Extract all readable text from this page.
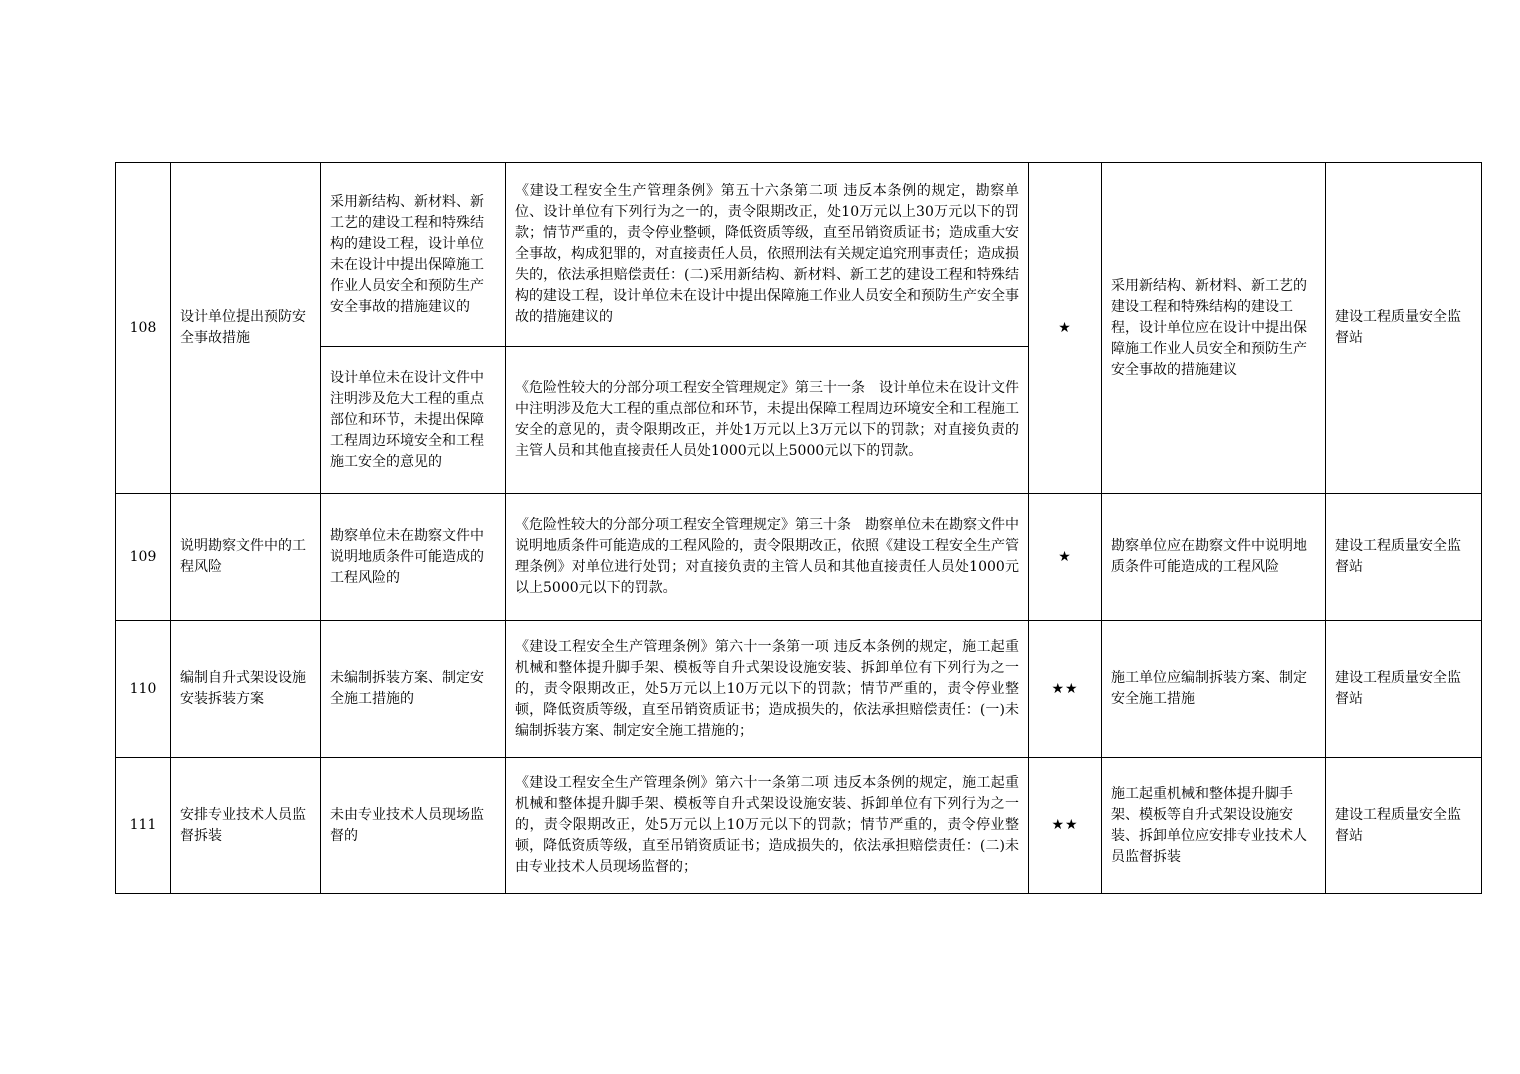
108	设计单位提出预防安全事故措施	采用新结构、新材料、新工艺的建设工程和特殊结构的建设工程，设计单位未在设计中提出保障施工作业人员安全和预防生产安全事故的措施建议的	《建设工程安全生产管理条例》第五十六条第二项 违反本条例的规定，勘察单位、设计单位有下列行为之一的，责令限期改正，处10万元以上30万元以下的罚款；情节严重的，责令停业整顿，降低资质等级，直至吊销资质证书；造成重大安全事故，构成犯罪的，对直接责任人员，依照刑法有关规定追究刑事责任；造成损失的，依法承担赔偿责任：(二)采用新结构、新材料、新工艺的建设工程和特殊结构的建设工程，设计单位未在设计中提出保障施工作业人员安全和预防生产安全事故的措施建议的	★	采用新结构、新材料、新工艺的建设工程和特殊结构的建设工程，设计单位应在设计中提出保障施工作业人员安全和预防生产安全事故的措施建议	建设工程质量安全监督站
		设计单位未在设计文件中注明涉及危大工程的重点部位和环节，未提出保障工程周边环境安全和工程施工安全的意见的	《危险性较大的分部分项工程安全管理规定》第三十一条　设计单位未在设计文件中注明涉及危大工程的重点部位和环节，未提出保障工程周边环境安全和工程施工安全的意见的，责令限期改正，并处1万元以上3万元以下的罚款；对直接负责的主管人员和其他直接责任人员处1000元以上5000元以下的罚款。			
109	说明勘察文件中的工程风险	勘察单位未在勘察文件中说明地质条件可能造成的工程风险的	《危险性较大的分部分项工程安全管理规定》第三十条　勘察单位未在勘察文件中说明地质条件可能造成的工程风险的，责令限期改正，依照《建设工程安全生产管理条例》对单位进行处罚；对直接负责的主管人员和其他直接责任人员处1000元以上5000元以下的罚款。	★	勘察单位应在勘察文件中说明地质条件可能造成的工程风险	建设工程质量安全监督站
110	编制自升式架设设施安装拆装方案	未编制拆装方案、制定安全施工措施的	《建设工程安全生产管理条例》第六十一条第一项 违反本条例的规定，施工起重机械和整体提升脚手架、模板等自升式架设设施安装、拆卸单位有下列行为之一的，责令限期改正，处5万元以上10万元以下的罚款；情节严重的，责令停业整顿，降低资质等级，直至吊销资质证书；造成损失的，依法承担赔偿责任：(一)未编制拆装方案、制定安全施工措施的；	★★	施工单位应编制拆装方案、制定安全施工措施	建设工程质量安全监督站
111	安排专业技术人员监督拆装	未由专业技术人员现场监督的	《建设工程安全生产管理条例》第六十一条第二项 违反本条例的规定，施工起重机械和整体提升脚手架、模板等自升式架设设施安装、拆卸单位有下列行为之一的，责令限期改正，处5万元以上10万元以下的罚款；情节严重的，责令停业整顿，降低资质等级，直至吊销资质证书；造成损失的，依法承担赔偿责任：(二)未由专业技术人员现场监督的；	★★	施工起重机械和整体提升脚手架、模板等自升式架设设施安装、拆卸单位应安排专业技术人员监督拆装	建设工程质量安全监督站
